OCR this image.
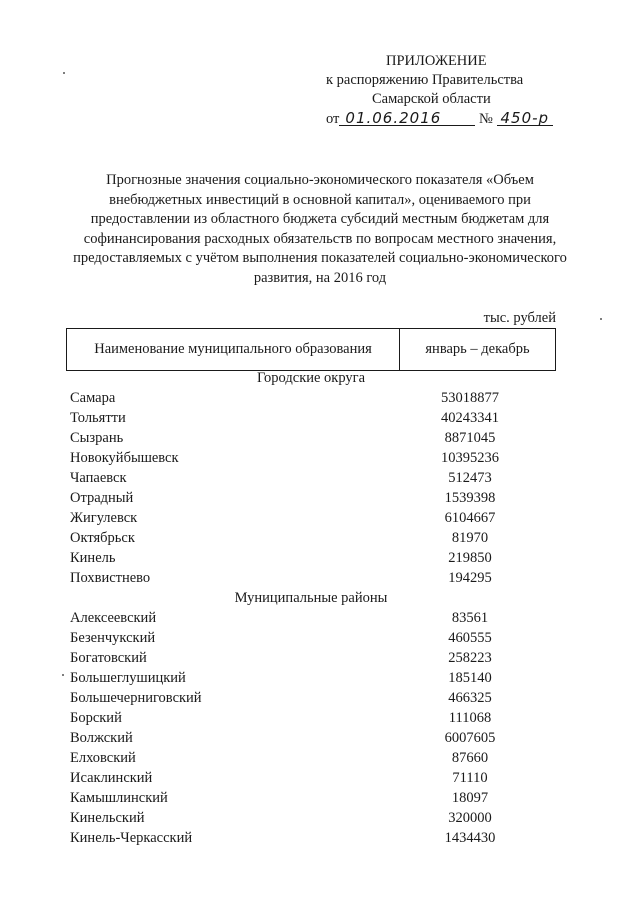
ПРИЛОЖЕНИЕ
к распоряжению Правительства
Самарской области
от 01.06.2016	№ 450-р
Прогнозные значения социально-экономического показателя «Объем внебюджетных инвестиций в основной капитал», оцениваемого при предоставлении из областного бюджета субсидий местным бюджетам для софинансирования расходных обязательств по вопросам местного значения, предоставляемых с учётом выполнения показателей социально-экономического развития, на 2016 год
тыс. рублей
Наименование муниципального образования	январь – декабрь
Городские округа
Самара	53018877
Тольятти	40243341
Сызрань	8871045
Новокуйбышевск	10395236
Чапаевск	512473
Отрадный	1539398
Жигулевск	6104667
Октябрьск	81970
Кинель	219850
Похвистнево	194295
Муниципальные районы
Алексеевский	83561
Безенчукский	460555
Богатовский	258223
Большеглушицкий	185140
Большечерниговский	466325
Борский	111068
Волжский	6007605
Елховский	87660
Исаклинский	71110
Камышлинский	18097
Кинельский	320000
Кинель-Черкасский	1434430
